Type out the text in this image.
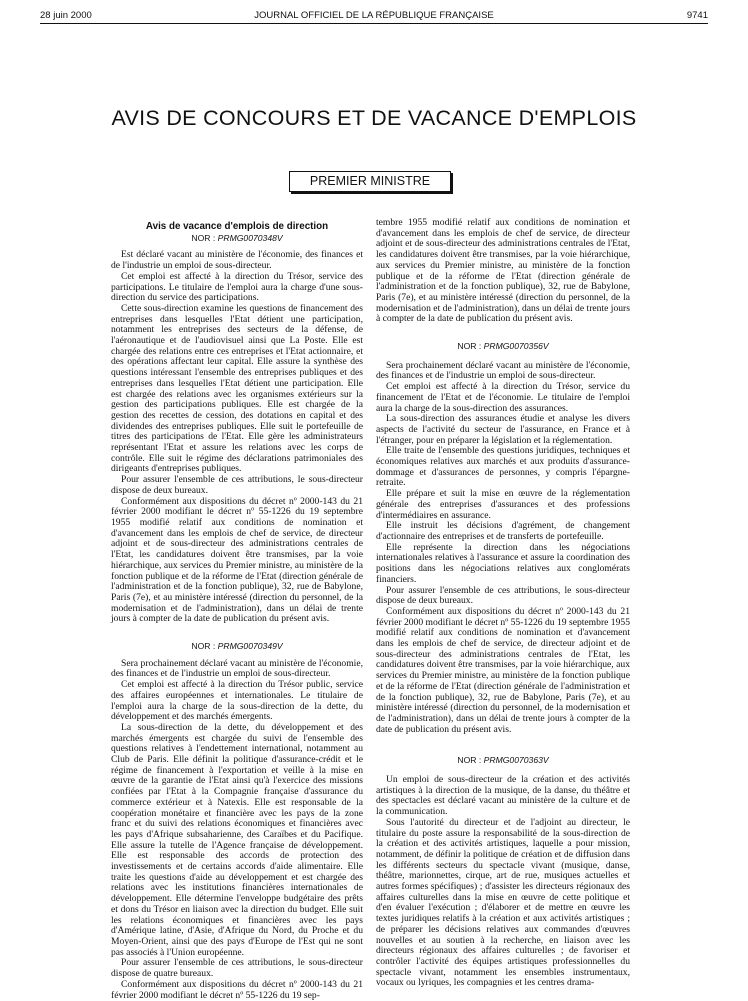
28 juin 2000	JOURNAL OFFICIEL DE LA RÉPUBLIQUE FRANÇAISE	9741
AVIS DE CONCOURS ET DE VACANCE D'EMPLOIS
PREMIER MINISTRE

Avis de vacance d'emplois de direction

NOR : PRMG0070348V

Est déclaré vacant au ministère de l'économie, des finances et de l'industrie un emploi de sous-directeur.

Cet emploi est affecté à la direction du Trésor, service des participations. Le titulaire de l'emploi aura la charge d'une sous-direction du service des participations.

Cette sous-direction examine les questions de financement des entreprises dans lesquelles l'Etat détient une participation, notamment les entreprises des secteurs de la défense, de l'aéronautique et de l'audiovisuel ainsi que La Poste. Elle est chargée des relations entre ces entreprises et l'Etat actionnaire, et des opérations affectant leur capital. Elle assure la synthèse des questions intéressant l'ensemble des entreprises publiques et des entreprises dans lesquelles l'Etat détient une participation. Elle est chargée des relations avec les organismes extérieurs sur la gestion des participations publiques. Elle est chargée de la gestion des recettes de cession, des dotations en capital et des dividendes des entreprises publiques. Elle suit le portefeuille de titres des participations de l'Etat. Elle gère les administrateurs représentant l'Etat et assure les relations avec les corps de contrôle. Elle suit le régime des déclarations patrimoniales des dirigeants d'entreprises publiques.

Pour assurer l'ensemble de ces attributions, le sous-directeur dispose de deux bureaux.

Conformément aux dispositions du décret nº 2000-143 du 21 février 2000 modifiant le décret nº 55-1226 du 19 septembre 1955 modifié relatif aux conditions de nomination et d'avancement dans les emplois de chef de service, de directeur adjoint et de sous-directeur des administrations centrales de l'Etat, les candidatures doivent être transmises, par la voie hiérarchique, aux services du Premier ministre, au ministère de la fonction publique et de la réforme de l'Etat (direction générale de l'administration et de la fonction publique), 32, rue de Babylone, Paris (7e), et au ministère intéressé (direction du personnel, de la modernisation et de l'administration), dans un délai de trente jours à compter de la date de publication du présent avis.

NOR : PRMG0070349V

Sera prochainement déclaré vacant au ministère de l'économie, des finances et de l'industrie un emploi de sous-directeur.

Cet emploi est affecté à la direction du Trésor public, service des affaires européennes et internationales. Le titulaire de l'emploi aura la charge de la sous-direction de la dette, du développement et des marchés émergents.

La sous-direction de la dette, du développement et des marchés émergents est chargée du suivi de l'ensemble des questions relatives à l'endettement international, notamment au Club de Paris. Elle définit la politique d'assurance-crédit et le régime de financement à l'exportation et veille à la mise en œuvre de la garantie de l'Etat ainsi qu'à l'exercice des missions confiées par l'Etat à la Compagnie française d'assurance du commerce extérieur et à Natexis. Elle est responsable de la coopération monétaire et financière avec les pays de la zone franc et du suivi des relations économiques et financières avec les pays d'Afrique subsaharienne, des Caraïbes et du Pacifique. Elle assure la tutelle de l'Agence française de développement. Elle est responsable des accords de protection des investissements et de certains accords d'aide alimentaire. Elle traite les questions d'aide au développement et est chargée des relations avec les institutions financières internationales de développement. Elle détermine l'enveloppe budgétaire des prêts et dons du Trésor en liaison avec la direction du budget. Elle suit les relations économiques et financières avec les pays d'Amérique latine, d'Asie, d'Afrique du Nord, du Proche et du Moyen-Orient, ainsi que des pays d'Europe de l'Est qui ne sont pas associés à l'Union européenne.

Pour assurer l'ensemble de ces attributions, le sous-directeur dispose de quatre bureaux.

Conformément aux dispositions du décret nº 2000-143 du 21 février 2000 modifiant le décret nº 55-1226 du 19 sep-

tembre 1955 modifié relatif aux conditions de nomination et d'avancement dans les emplois de chef de service, de directeur adjoint et de sous-directeur des administrations centrales de l'Etat, les candidatures doivent être transmises, par la voie hiérarchique, aux services du Premier ministre, au ministère de la fonction publique et de la réforme de l'Etat (direction générale de l'administration et de la fonction publique), 32, rue de Babylone, Paris (7e), et au ministère intéressé (direction du personnel, de la modernisation et de l'administration), dans un délai de trente jours à compter de la date de publication du présent avis.

NOR : PRMG0070356V

Sera prochainement déclaré vacant au ministère de l'économie, des finances et de l'industrie un emploi de sous-directeur.

Cet emploi est affecté à la direction du Trésor, service du financement de l'Etat et de l'économie. Le titulaire de l'emploi aura la charge de la sous-direction des assurances.

La sous-direction des assurances étudie et analyse les divers aspects de l'activité du secteur de l'assurance, en France et à l'étranger, pour en préparer la législation et la réglementation.

Elle traite de l'ensemble des questions juridiques, techniques et économiques relatives aux marchés et aux produits d'assurance-dommage et d'assurances de personnes, y compris l'épargne-retraite.

Elle prépare et suit la mise en œuvre de la réglementation générale des entreprises d'assurances et des professions d'intermédiaires en assurance.

Elle instruit les décisions d'agrément, de changement d'actionnaire des entreprises et de transferts de portefeuille.

Elle représente la direction dans les négociations internationales relatives à l'assurance et assure la coordination des positions dans les négociations relatives aux conglomérats financiers.

Pour assurer l'ensemble de ces attributions, le sous-directeur dispose de deux bureaux.

Conformément aux dispositions du décret nº 2000-143 du 21 février 2000 modifiant le décret nº 55-1226 du 19 septembre 1955 modifié relatif aux conditions de nomination et d'avancement dans les emplois de chef de service, de directeur adjoint et de sous-directeur des administrations centrales de l'Etat, les candidatures doivent être transmises, par la voie hiérarchique, aux services du Premier ministre, au ministère de la fonction publique et de la réforme de l'Etat (direction générale de l'administration et de la fonction publique), 32, rue de Babylone, Paris (7e), et au ministère intéressé (direction du personnel, de la modernisation et de l'administration), dans un délai de trente jours à compter de la date de publication du présent avis.

NOR : PRMG0070363V

Un emploi de sous-directeur de la création et des activités artistiques à la direction de la musique, de la danse, du théâtre et des spectacles est déclaré vacant au ministère de la culture et de la communication.

Sous l'autorité du directeur et de l'adjoint au directeur, le titulaire du poste assure la responsabilité de la sous-direction de la création et des activités artistiques, laquelle a pour mission, notamment, de définir la politique de création et de diffusion dans les différents secteurs du spectacle vivant (musique, danse, théâtre, marionnettes, cirque, art de rue, musiques actuelles et autres formes spécifiques) ; d'assister les directeurs régionaux des affaires culturelles dans la mise en œuvre de cette politique et d'en évaluer l'exécution ; d'élaborer et de mettre en œuvre les textes juridiques relatifs à la création et aux activités artistiques ; de préparer les décisions relatives aux commandes d'œuvres nouvelles et au soutien à la recherche, en liaison avec les directeurs régionaux des affaires culturelles ; de favoriser et contrôler l'activité des équipes artistiques professionnelles du spectacle vivant, notamment les ensembles instrumentaux, vocaux ou lyriques, les compagnies et les centres drama-
